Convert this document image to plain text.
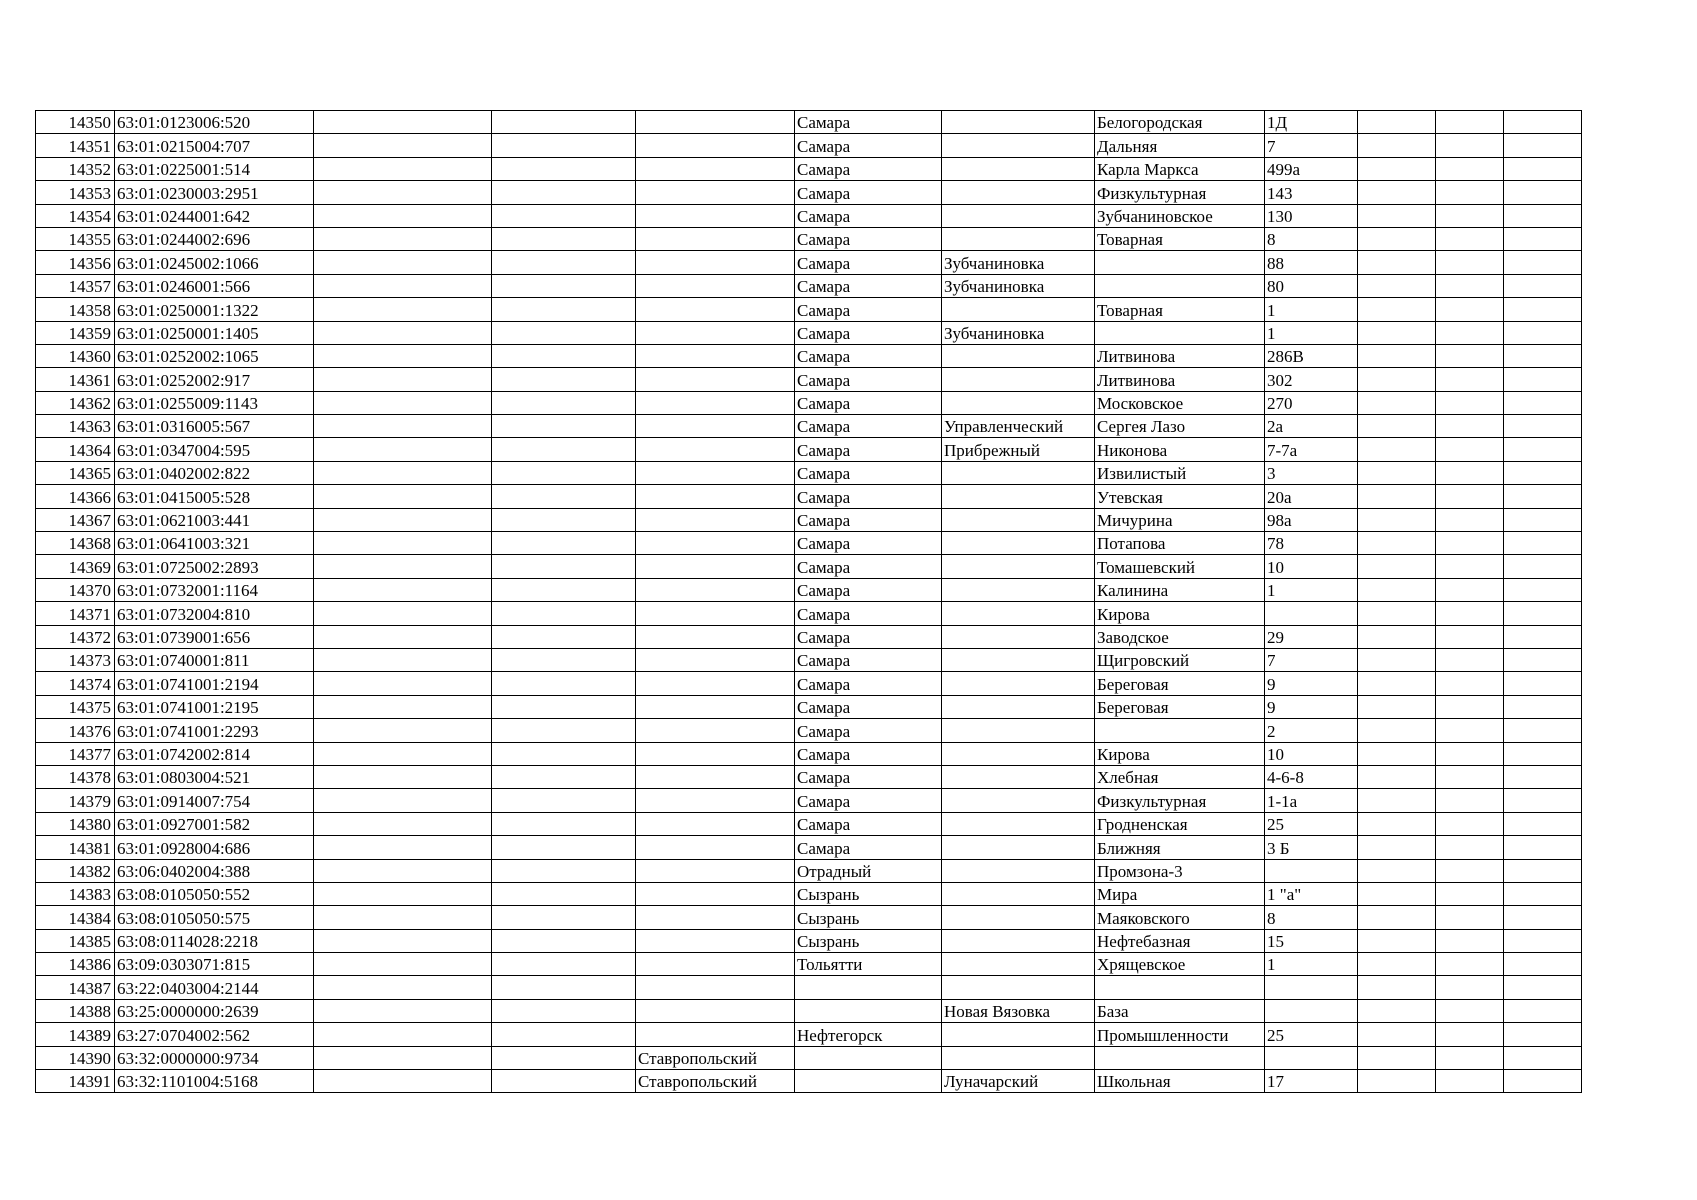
14350	63:01:0123006:520				Самара		Белогородская	1Д			
14351	63:01:0215004:707				Самара		Дальняя	7			
14352	63:01:0225001:514				Самара		Карла Маркса	499а			
14353	63:01:0230003:2951				Самара		Физкультурная	143			
14354	63:01:0244001:642				Самара		Зубчаниновское	130			
14355	63:01:0244002:696				Самара		Товарная	8			
14356	63:01:0245002:1066				Самара	Зубчаниновка		88			
14357	63:01:0246001:566				Самара	Зубчаниновка		80			
14358	63:01:0250001:1322				Самара		Товарная	1			
14359	63:01:0250001:1405				Самара	Зубчаниновка		1			
14360	63:01:0252002:1065				Самара		Литвинова	286В			
14361	63:01:0252002:917				Самара		Литвинова	302			
14362	63:01:0255009:1143				Самара		Московское	270			
14363	63:01:0316005:567				Самара	Управленческий	Сергея Лазо	2а			
14364	63:01:0347004:595				Самара	Прибрежный	Никонова	7-7а			
14365	63:01:0402002:822				Самара		Извилистый	3			
14366	63:01:0415005:528				Самара		Утевская	20а			
14367	63:01:0621003:441				Самара		Мичурина	98а			
14368	63:01:0641003:321				Самара		Потапова	78			
14369	63:01:0725002:2893				Самара		Томашевский	10			
14370	63:01:0732001:1164				Самара		Калинина	1			
14371	63:01:0732004:810				Самара		Кирова				
14372	63:01:0739001:656				Самара		Заводское	29			
14373	63:01:0740001:811				Самара		Щигровский	7			
14374	63:01:0741001:2194				Самара		Береговая	9			
14375	63:01:0741001:2195				Самара		Береговая	9			
14376	63:01:0741001:2293				Самара			2			
14377	63:01:0742002:814				Самара		Кирова	10			
14378	63:01:0803004:521				Самара		Хлебная	4-6-8			
14379	63:01:0914007:754				Самара		Физкультурная	1-1а			
14380	63:01:0927001:582				Самара		Гродненская	25			
14381	63:01:0928004:686				Самара		Ближняя	3 Б			
14382	63:06:0402004:388				Отрадный		Промзона-3				
14383	63:08:0105050:552				Сызрань		Мира	1 "а"			
14384	63:08:0105050:575				Сызрань		Маяковского	8			
14385	63:08:0114028:2218				Сызрань		Нефтебазная	15			
14386	63:09:0303071:815				Тольятти		Хрящевское	1			
14387	63:22:0403004:2144										
14388	63:25:0000000:2639					Новая Вязовка	База				
14389	63:27:0704002:562				Нефтегорск		Промышленности	25			
14390	63:32:0000000:9734			Ставропольский							
14391	63:32:1101004:5168			Ставропольский		Луначарский	Школьная	17			
